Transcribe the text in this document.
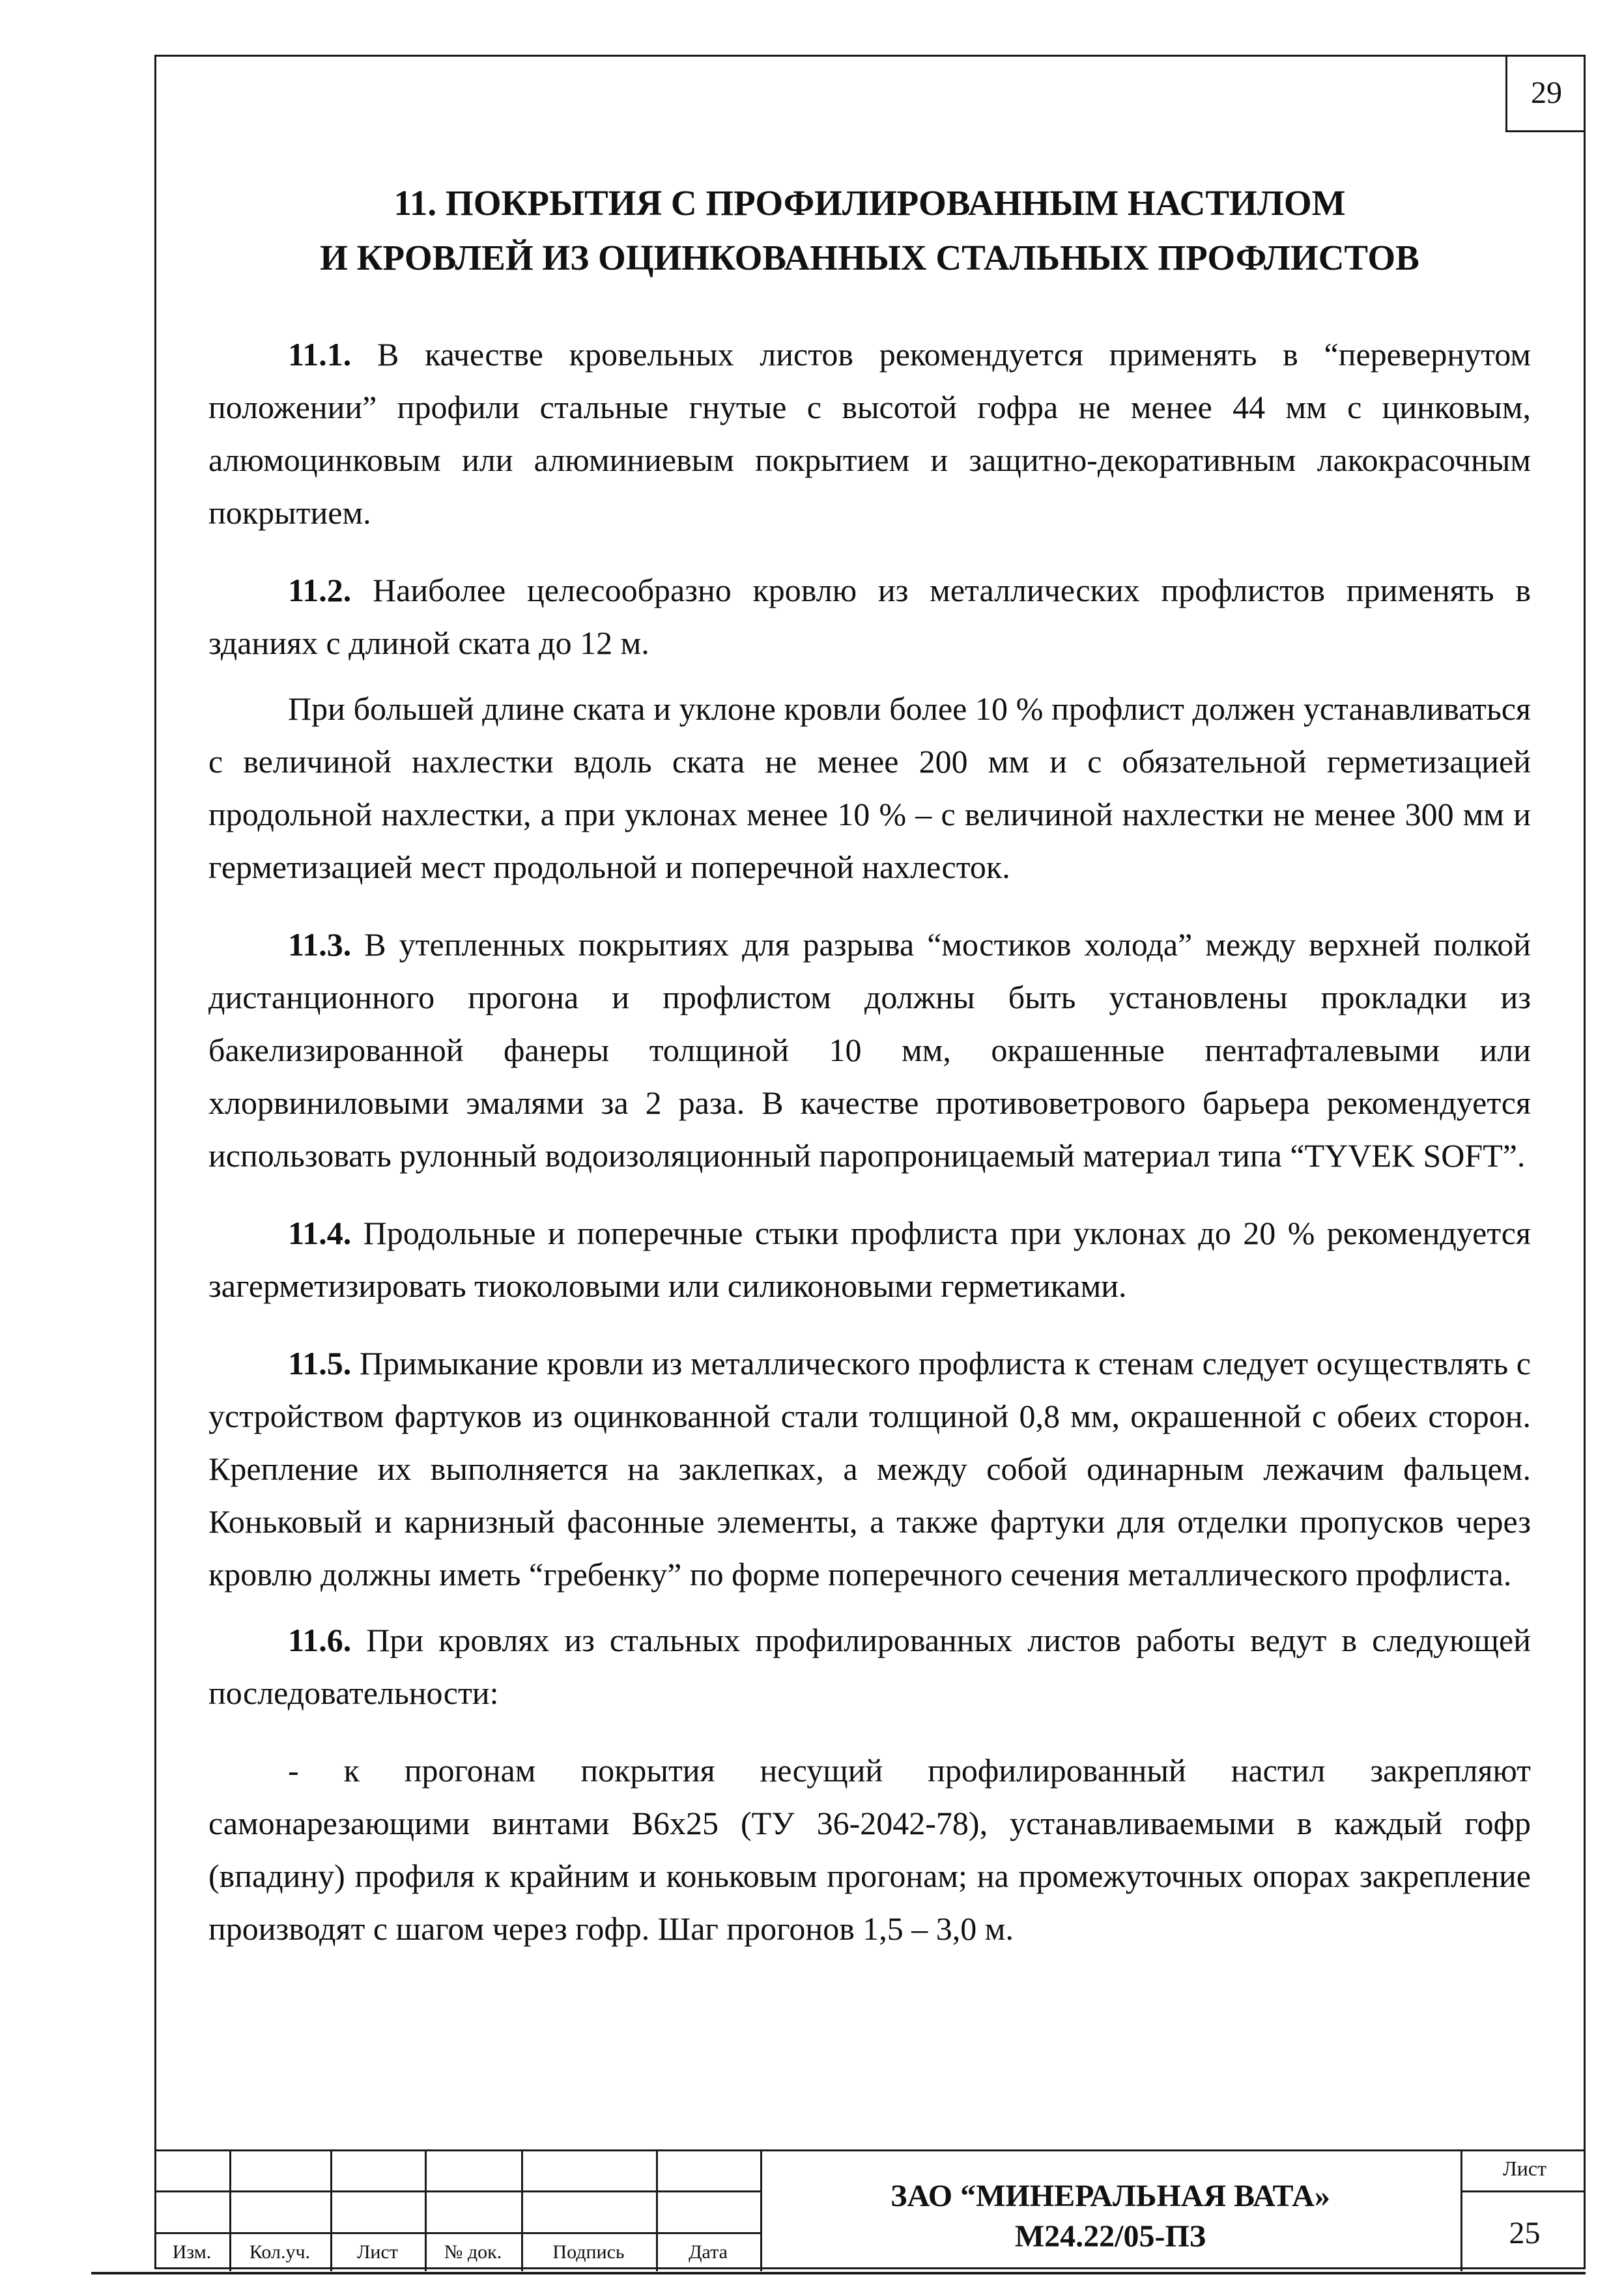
29
11. ПОКРЫТИЯ С ПРОФИЛИРОВАННЫМ НАСТИЛОМ
И КРОВЛЕЙ ИЗ ОЦИНКОВАННЫХ СТАЛЬНЫХ ПРОФЛИСТОВ

11.1. В качестве кровельных листов рекомендуется применять в “перевернутом положении” профили стальные гнутые с высотой гофра не менее 44 мм с цинковым, алюмоцинковым или алюминиевым покрытием и защитно-декоративным лакокрасочным покрытием.

11.2. Наиболее целесообразно кровлю из металлических профлистов применять в зданиях с длиной ската до 12 м.

При большей длине ската и уклоне кровли более 10 % профлист должен устанавливаться с величиной нахлестки вдоль ската не менее 200 мм и с обязательной герметизацией продольной нахлестки, а при уклонах менее 10 % – с величиной нахлестки не менее 300 мм и герметизацией мест продольной и поперечной нахлесток.

11.3. В утепленных покрытиях для разрыва “мостиков холода” между верхней полкой дистанционного прогона и профлистом должны быть установлены прокладки из бакелизированной фанеры толщиной 10 мм, окрашенные пентафталевыми или хлорвиниловыми эмалями за 2 раза. В качестве противоветрового барьера рекомендуется использовать рулонный водоизоляционный паропроницаемый материал типа “TYVEK SOFT”.

11.4. Продольные и поперечные стыки профлиста при уклонах до 20 % рекомендуется загерметизировать тиоколовыми или силиконовыми герметиками.

11.5. Примыкание кровли из металлического профлиста к стенам следует осуществлять с устройством фартуков из оцинкованной стали толщиной 0,8 мм, окрашенной с обеих сторон. Крепление их выполняется на заклепках, а между собой одинарным лежачим фальцем. Коньковый и карнизный фасонные элементы, а также фартуки для отделки пропусков через кровлю должны иметь “гребенку” по форме поперечного сечения металлического профлиста.

11.6. При кровлях из стальных профилированных листов работы ведут в следующей последовательности:

- к прогонам покрытия несущий профилированный настил закрепляют самонарезающими винтами В6х25 (ТУ 36-2042-78), устанавливаемыми в каждый гофр (впадину) профиля к крайним и коньковым прогонам; на промежуточных опорах закрепление производят с шагом через гофр. Шаг прогонов 1,5 – 3,0 м.

Изм.	Кол.уч.	Лист	№ док.	Подпись	Дата
ЗАО “МИНЕРАЛЬНАЯ ВАТА»
М24.22/05-ПЗ
Лист
25
